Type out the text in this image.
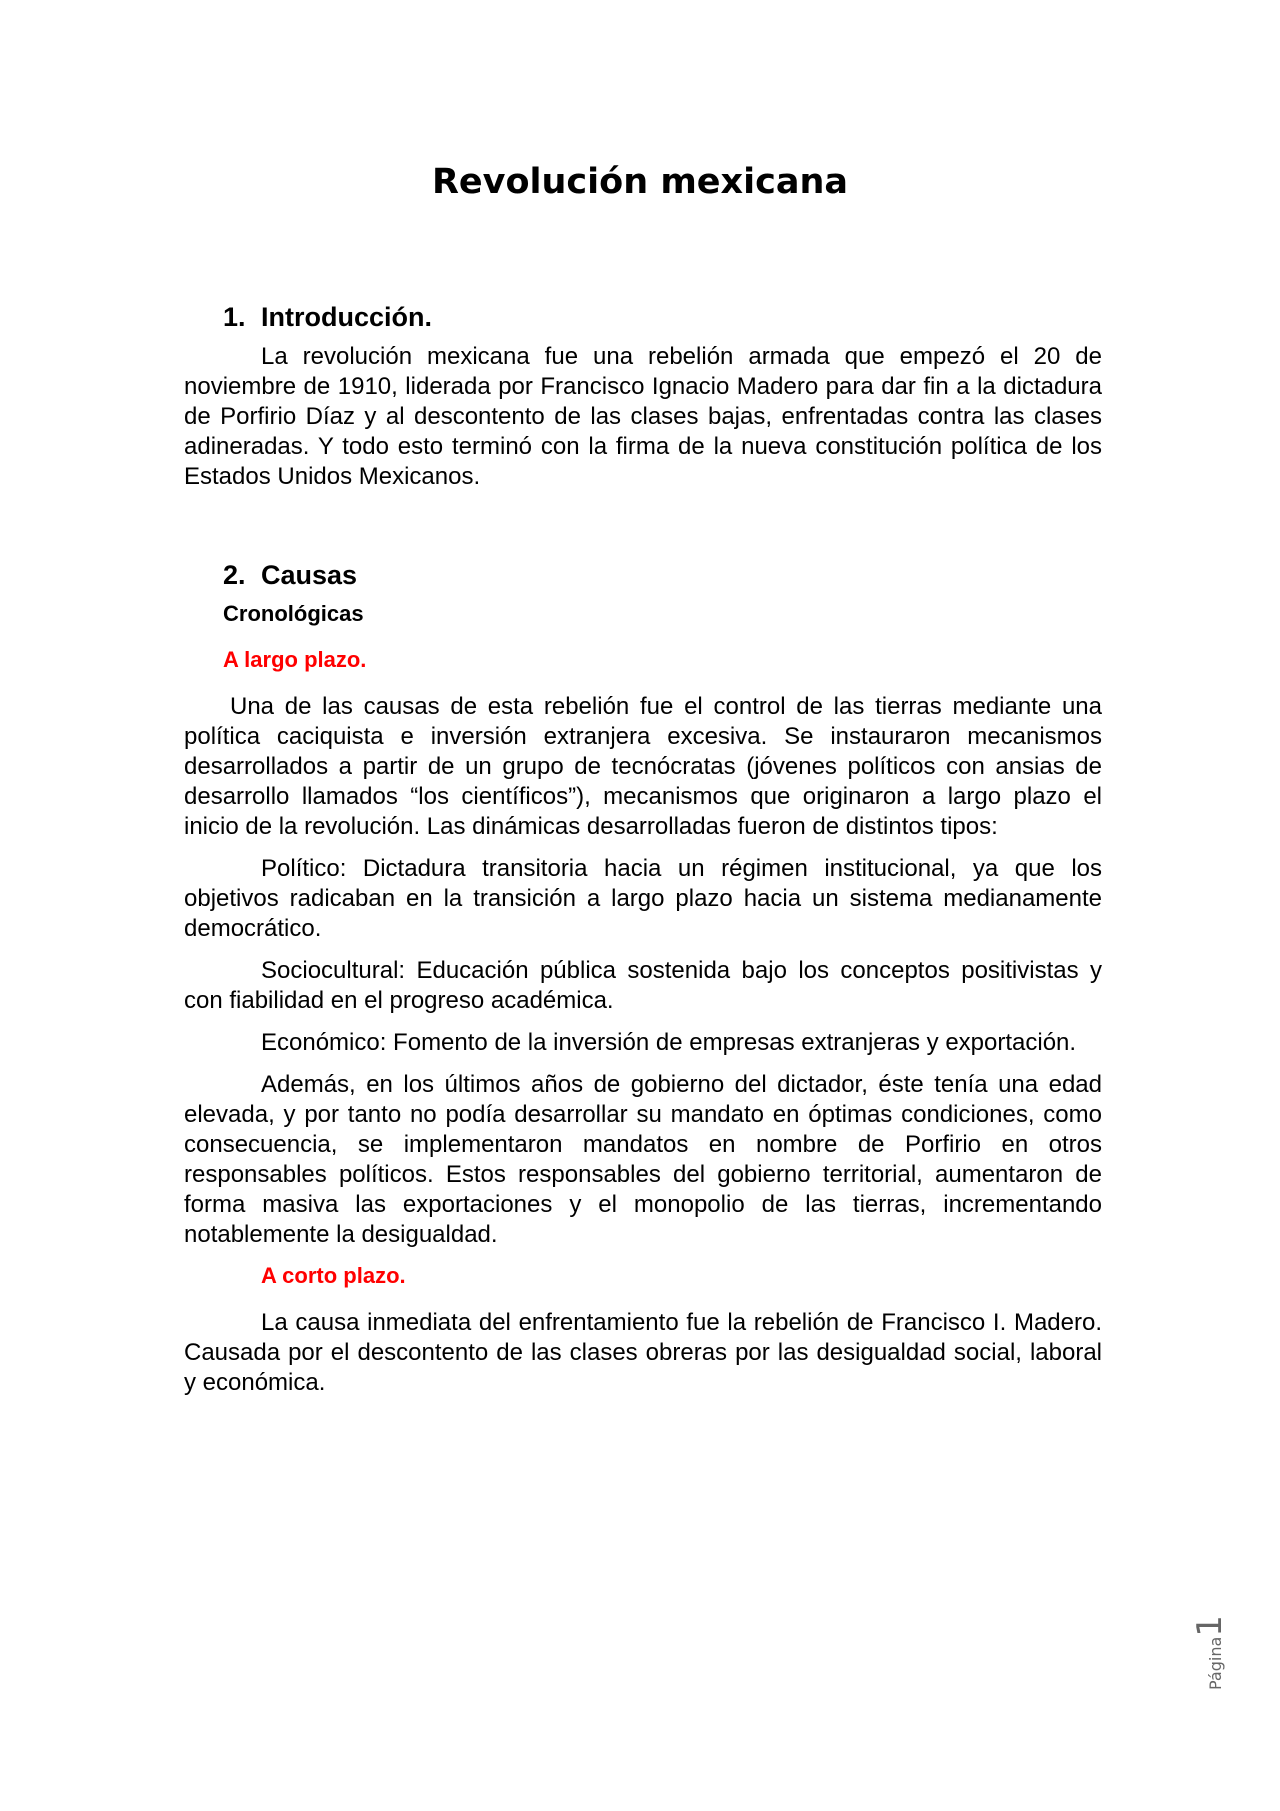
Revolución mexicana
1. Introducción.

La revolución mexicana fue una rebelión armada que empezó el 20 de noviembre de 1910, liderada por Francisco Ignacio Madero para dar fin a la dictadura de Porfirio Díaz y al descontento de las clases bajas, enfrentadas contra las clases adineradas. Y todo esto terminó con la firma de la nueva constitución política de los Estados Unidos Mexicanos.

2. Causas
Cronológicas
A largo plazo.

Una de las causas de esta rebelión fue el control de las tierras mediante una política caciquista e inversión extranjera excesiva. Se instauraron mecanismos desarrollados a partir de un grupo de tecnócratas (jóvenes políticos con ansias de desarrollo llamados “los científicos”), mecanismos que originaron a largo plazo el inicio de la revolución. Las dinámicas desarrolladas fueron de distintos tipos:

Político: Dictadura transitoria hacia un régimen institucional, ya que los objetivos radicaban en la transición a largo plazo hacia un sistema medianamente democrático.

Sociocultural: Educación pública sostenida bajo los conceptos positivistas y con fiabilidad en el progreso académica.

Económico: Fomento de la inversión de empresas extranjeras y exportación.

Además, en los últimos años de gobierno del dictador, éste tenía una edad elevada, y por tanto no podía desarrollar su mandato en óptimas condiciones, como consecuencia, se implementaron mandatos en nombre de Porfirio en otros responsables políticos. Estos responsables del gobierno territorial, aumentaron de forma masiva las exportaciones y el monopolio de las tierras, incrementando notablemente la desigualdad.

A corto plazo.

La causa inmediata del enfrentamiento fue la rebelión de Francisco I. Madero. Causada por el descontento de las clases obreras por las desigualdad social, laboral y económica.

Página1
